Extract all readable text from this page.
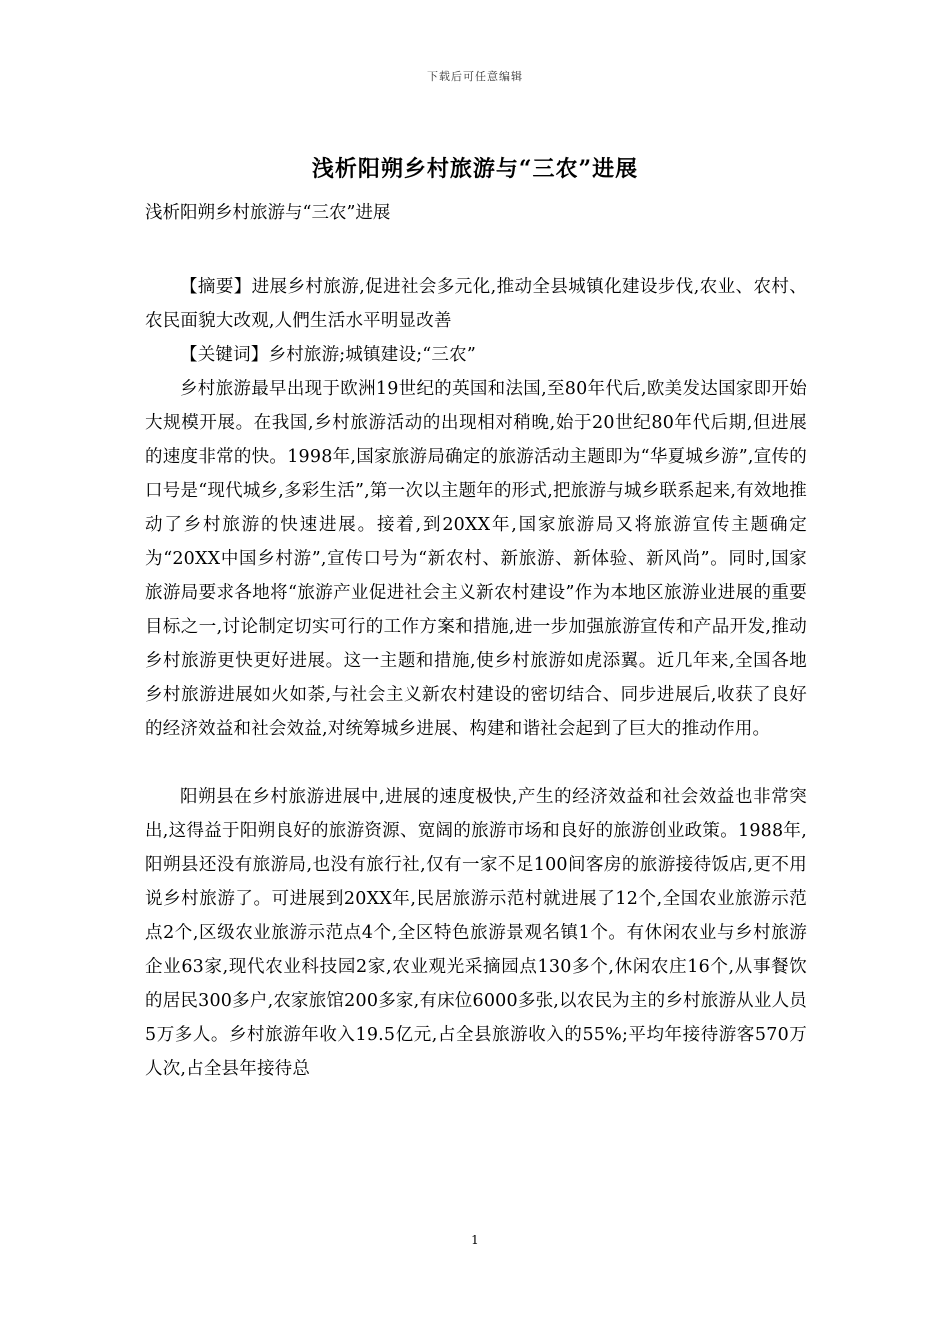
下载后可任意编辑
浅析阳朔乡村旅游与“三农”进展

浅析阳朔乡村旅游与“三农”进展

【摘要】进展乡村旅游,促进社会多元化,推动全县城镇化建设步伐,农业、农村、农民面貌大改观,人們生活水平明显改善

【关键词】乡村旅游;城镇建设;“三农”

乡村旅游最早出现于欧洲19世纪的英国和法国,至80年代后,欧美发达国家即开始大规模开展。在我国,乡村旅游活动的出现相对稍晚,始于20世纪80年代后期,但进展的速度非常的快。1998年,国家旅游局确定的旅游活动主题即为“华夏城乡游”,宣传的口号是“现代城乡,多彩生活”,第一次以主题年的形式,把旅游与城乡联系起来,有效地推动了乡村旅游的快速进展。接着,到20XX年,国家旅游局又将旅游宣传主题确定为“20XX中国乡村游”,宣传口号为“新农村、新旅游、新体验、新风尚”。同时,国家旅游局要求各地将“旅游产业促进社会主义新农村建设”作为本地区旅游业进展的重要目标之一,讨论制定切实可行的工作方案和措施,进一步加强旅游宣传和产品开发,推动乡村旅游更快更好进展。这一主题和措施,使乡村旅游如虎添翼。近几年来,全国各地乡村旅游进展如火如荼,与社会主义新农村建设的密切结合、同步进展后,收获了良好的经济效益和社会效益,对统筹城乡进展、构建和谐社会起到了巨大的推动作用。

阳朔县在乡村旅游进展中,进展的速度极快,产生的经济效益和社会效益也非常突出,这得益于阳朔良好的旅游资源、宽阔的旅游市场和良好的旅游创业政策。1988年,阳朔县还没有旅游局,也没有旅行社,仅有一家不足100间客房的旅游接待饭店,更不用说乡村旅游了。可进展到20XX年,民居旅游示范村就进展了12个,全国农业旅游示范点2个,区级农业旅游示范点4个,全区特色旅游景观名镇1个。有休闲农业与乡村旅游企业63家,现代农业科技园2家,农业观光采摘园点130多个,休闲农庄16个,从事餐饮的居民300多户,农家旅馆200多家,有床位6000多张,以农民为主的乡村旅游从业人员5万多人。乡村旅游年收入19.5亿元,占全县旅游收入的55%;平均年接待游客570万人次,占全县年接待总

1
